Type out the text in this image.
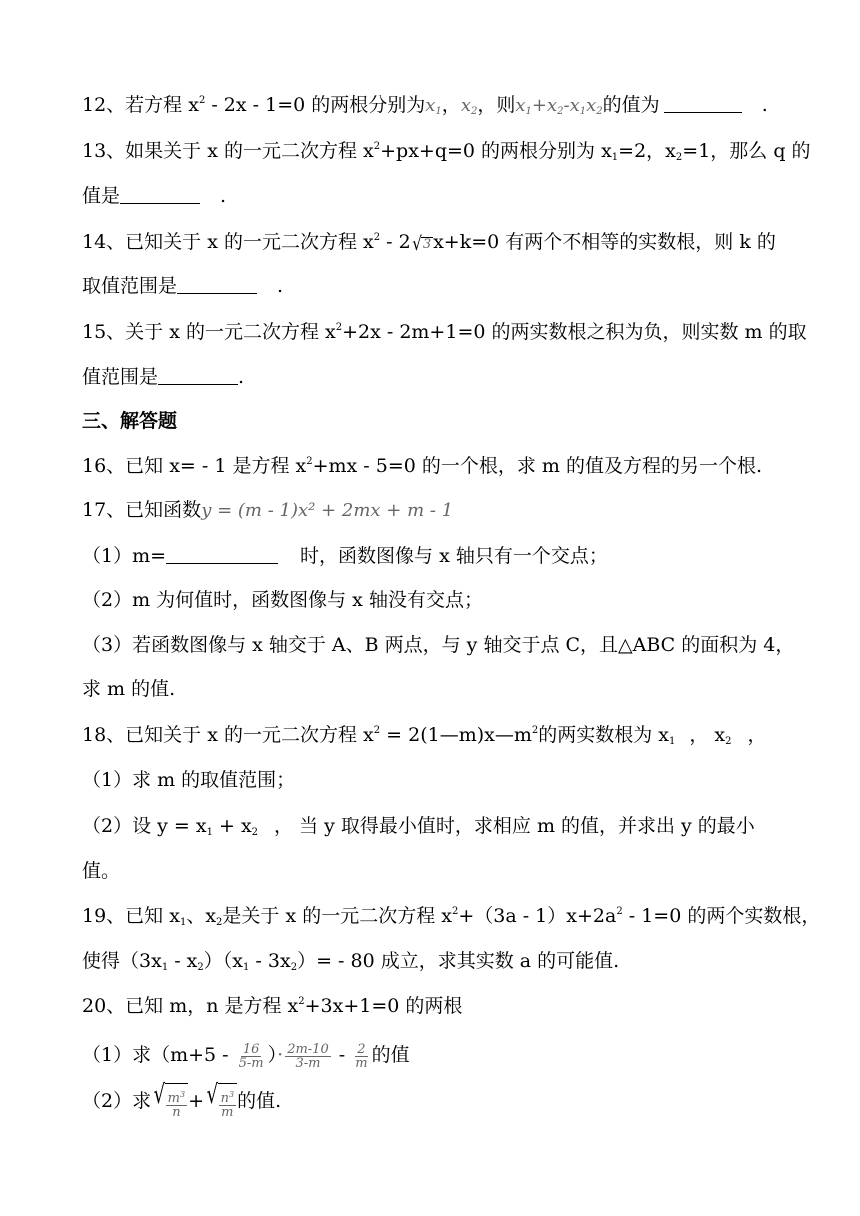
12、若方程 $x^2 - 2x - 1=0$ 的两根分别为$x_1$，$x_2$，则$x_1+x_2-x_1x_2$的值为	.
13、如果关于 x 的一元二次方程 $x^2+px+q=0$ 的两根分别为 $x_1=2$，$x_2=1$，那么 q 的
值是	.
14、已知关于 x 的一元二次方程 $x^2 - 2$ √ 3 x+k=0 有两个不相等的实数根，则 k 的
取值范围是	.
15、关于 x 的一元二次方程 $x^2+2x - 2m+1=0$ 的两实数根之积为负，则实数 m 的取
值范围是	.
三、解答题
16、已知 x= - 1 是方程 $x^2+mx - 5=0$ 的一个根，求 m 的值及方程的另一个根.
17、已知函数y = (m - 1)x² + 2mx + m - 1
（1）m=	时，函数图像与 x 轴只有一个交点；
（2）m 为何值时，函数图像与 x 轴没有交点；
（3）若函数图像与 x 轴交于 A、B 两点，与 y 轴交于点 C，且△ABC 的面积为 4，
求 m 的值.
18、已知关于 x 的一元二次方程 $x^2$ = $2(1—m)x—m^2$的两实数根为 $x_1$ ， $x_2$ ，
（1）求 m 的取值范围；
（2）设 $y = x_1 + x_2$ ， 当 y 取得最小值时，求相应 m 的值，并求出 y 的最小
值。
19、已知 $x_1$、$x_2$是关于 x 的一元二次方程 $x^2+(3a - 1)x+2a^2 - 1=0$ 的两个实数根，
使得$(3x_1 - x_2)(x_1 - 3x_2)= - 80$ 成立，求其实数 a 的可能值.
20、已知 m，n 是方程 $x^2+3x+1=0$ 的两根
（1）求（$m+5 - \frac{16}{5-m}$ ）· $\frac{2m-10}{3-m} - \frac{2}{m}$ 的值
（2）求 √ $\frac{m^3}{n}$ + √ $\frac{n^3}{m}$ 的值.
